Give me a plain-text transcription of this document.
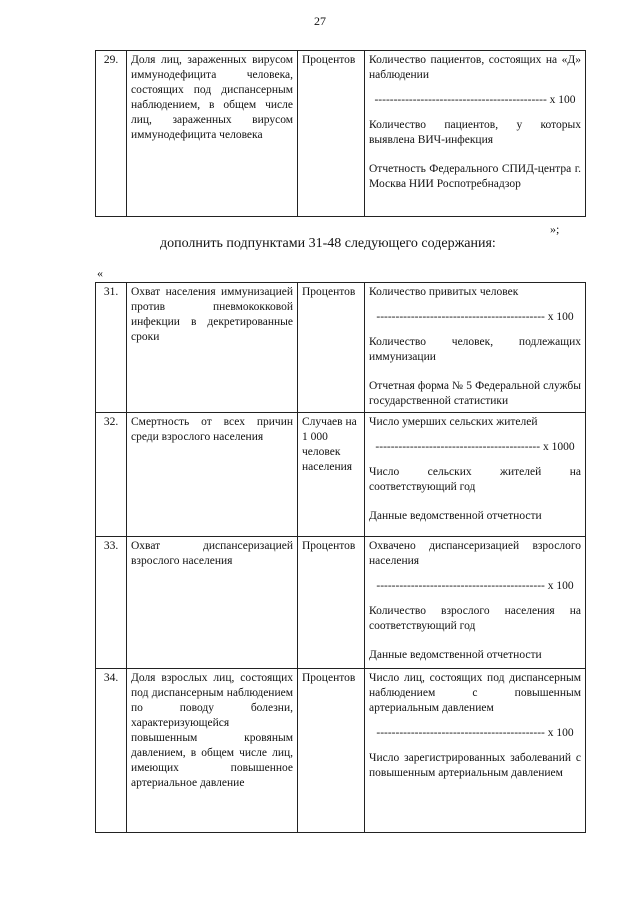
27
29.	Доля лиц, зараженных вирусом иммунодефицита человека, состоящих под диспансерным наблюдением, в общем числе лиц, зараженных вирусом иммунодефицита человека	Процентов	Количество пациентов, состоящих на «Д» наблюдении
--------------------------------------------- х 100
Количество пациентов, у которых выявлена ВИЧ-инфекция
Отчетность Федерального СПИД-центра г. Москва НИИ Роспотребнадзор
»;
дополнить подпунктами 31-48 следующего содержания:
«
31.	Охват населения иммунизацией против пневмококковой инфекции в декретированные сроки	Процентов	Количество привитых человек
-------------------------------------------- х 100
Количество человек, подлежащих иммунизации
Отчетная форма № 5 Федеральной службы государственной статистики

32.	Смертность от всех причин среди взрослого населения	Случаев на 1 000 человек населения	Число умерших сельских жителей
------------------------------------------- х 1000
Число сельских жителей на соответствующий год
Данные ведомственной отчетности

33.	Охват диспансеризацией взрослого населения	Процентов	Охвачено диспансеризацией взрослого населения
-------------------------------------------- х 100
Количество взрослого населения на соответствующий год
Данные ведомственной отчетности

34.	Доля взрослых лиц, состоящих под диспансерным наблюдением по поводу болезни, характеризующейся повышенным кровяным давлением, в общем числе лиц, имеющих повышенное артериальное давление	Процентов	Число лиц, состоящих под диспансерным наблюдением с повышенным артериальным давлением
-------------------------------------------- х 100
Число зарегистрированных заболеваний с повышенным артериальным давлением
